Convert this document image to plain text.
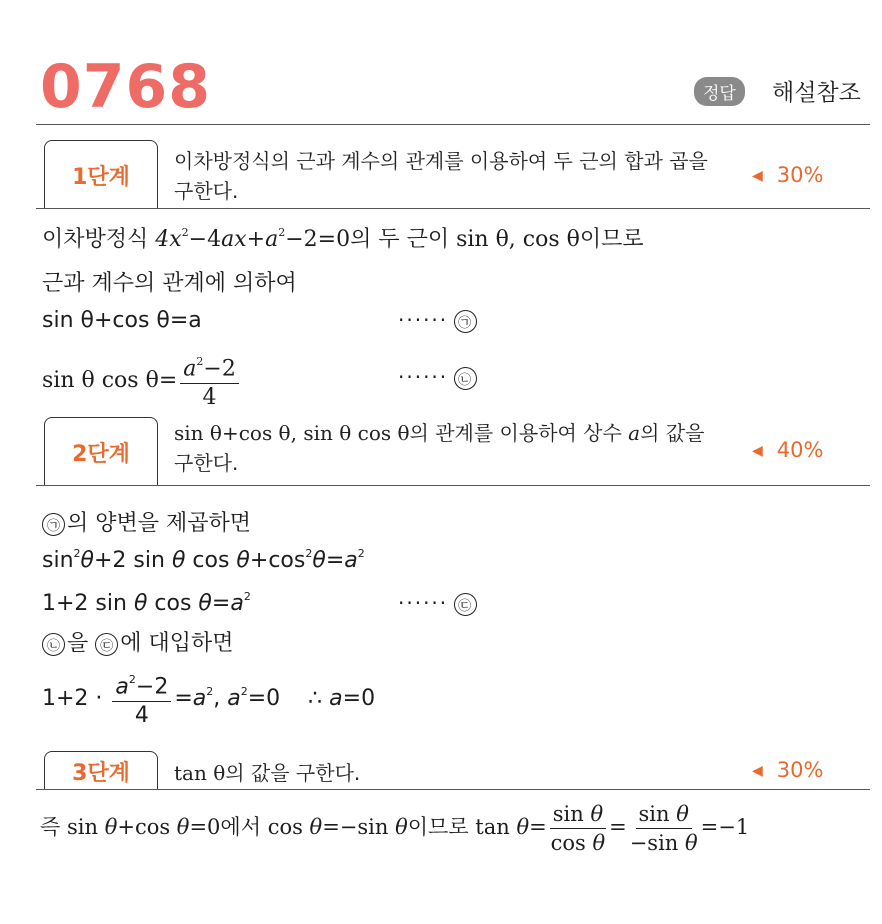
0768	정답	해설참조
1단계
이차방정식의 근과 계수의 관계를 이용하여 두 근의 합과 곱을
구한다.
◀ 30%
이차방정식 $4x^2-4ax+a^2-2=0$의 두 근이 sin θ, cos θ이므로
근과 계수의 관계에 의하여
sin θ+cos θ=a	······ ㉠
sin θ $\cos \theta= \frac{a^2-2}{4}$	······ ㉡
2단계
sin θ+cos θ, sin θ cos θ의 관계를 이용하여 상수 a의 값을
구한다.	◀ 40%
㉠ 의 양변을 제곱하면
$\sin^2\theta+2$ sin θ $\cos \theta+\cos^2\theta=a^2$
1+2 sin θ $\cos \theta=a^2$	······ ㉢
㉡ 을 ㉢ 에 대입하면
$1+2 \cdot \frac{a^2-2}{4} =a^2$, $a^2=0$    ∴ a=0
3단계	tan θ의 값을 구한다.	◀ 30%
즉 sin θ+cos θ=0에서 cos θ=−sin θ이므로 $\tan \theta= \frac{\text{sin θ}}{\text{cos θ}} = \frac{\text{sin θ}}{\text{−sin θ}} =-1$
